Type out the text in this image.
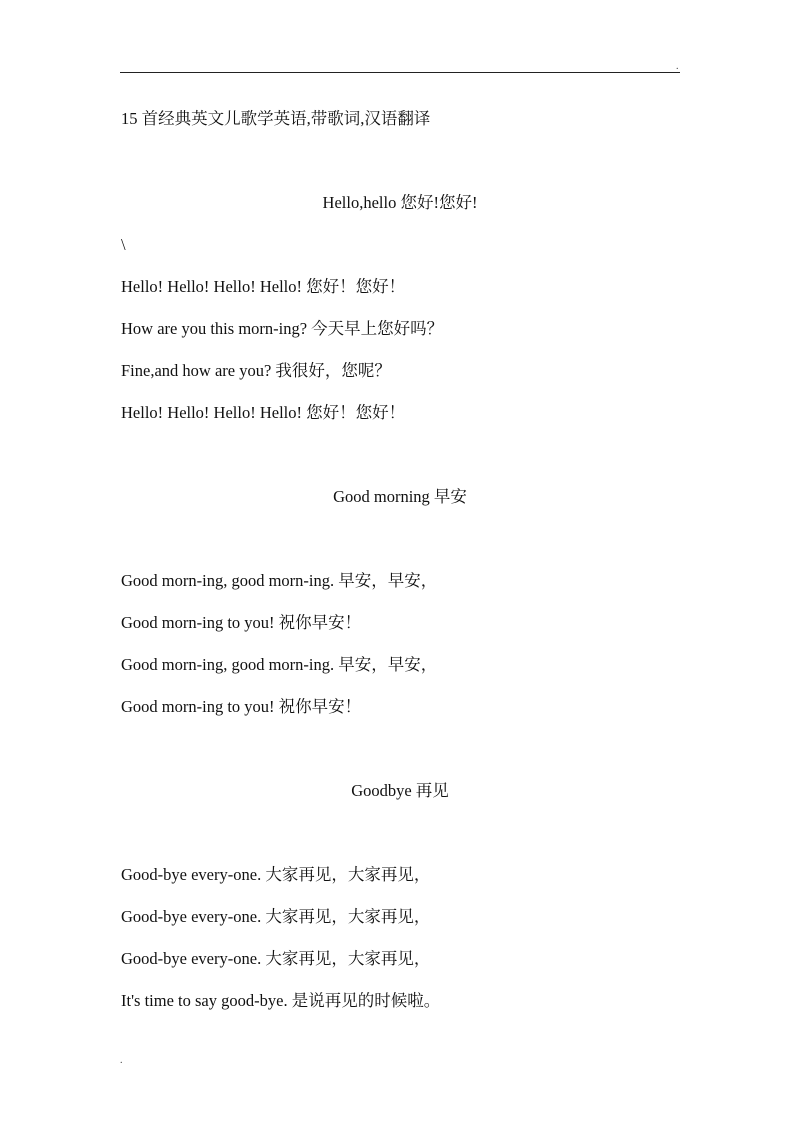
.
15 首经典英文儿歌学英语,带歌词,汉语翻译
Hello,hello 您好!您好!
\
Hello! Hello! Hello! Hello! 您好！您好！
How are you this morn-ing? 今天早上您好吗？
Fine,and how are you? 我很好，您呢？
Hello! Hello! Hello! Hello! 您好！您好！
Good morning 早安
Good morn-ing, good morn-ing. 早安，早安，
Good morn-ing to you! 祝你早安！
Good morn-ing, good morn-ing. 早安，早安，
Good morn-ing to you! 祝你早安！
Goodbye 再见
Good-bye every-one. 大家再见，大家再见，
Good-bye every-one. 大家再见，大家再见，
Good-bye every-one. 大家再见，大家再见，
It's time to say good-bye. 是说再见的时候啦。
.
